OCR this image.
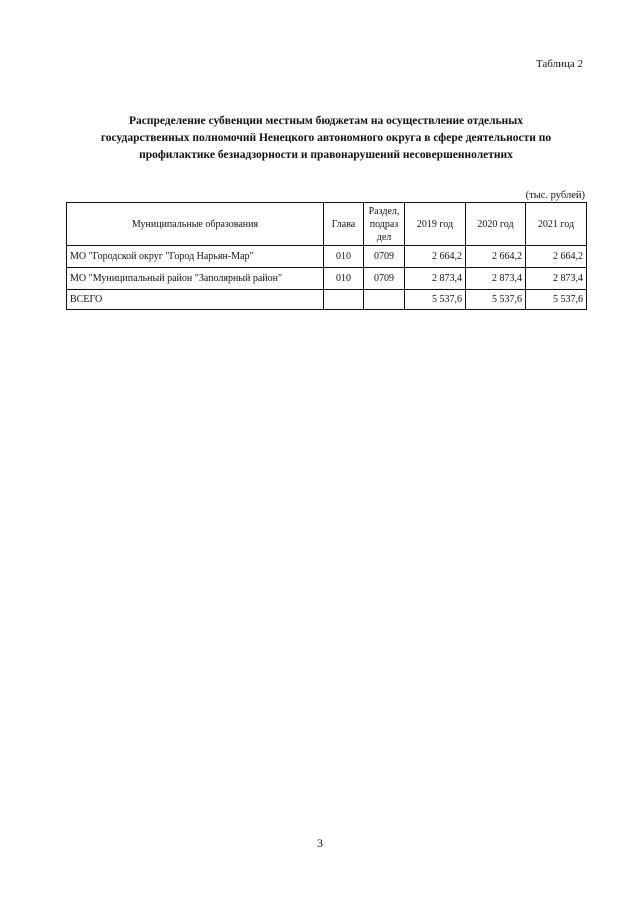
Таблица 2
Распределение субвенции местным бюджетам на осуществление отдельных
государственных полномочий Ненецкого автономного округа в сфере деятельности по
профилактике безнадзорности и правонарушений несовершеннолетних
(тыс. рублей)
Муниципальные образования	Глава	Раздел,
подраз
дел	2019 год	2020 год	2021 год
МО "Городской округ "Город Нарьян-Мар"	010	0709	2 664,2	2 664,2	2 664,2
МО "Муниципальный район "Заполярный район"	010	0709	2 873,4	2 873,4	2 873,4
ВСЕГО			5 537,6	5 537,6	5 537,6
3
